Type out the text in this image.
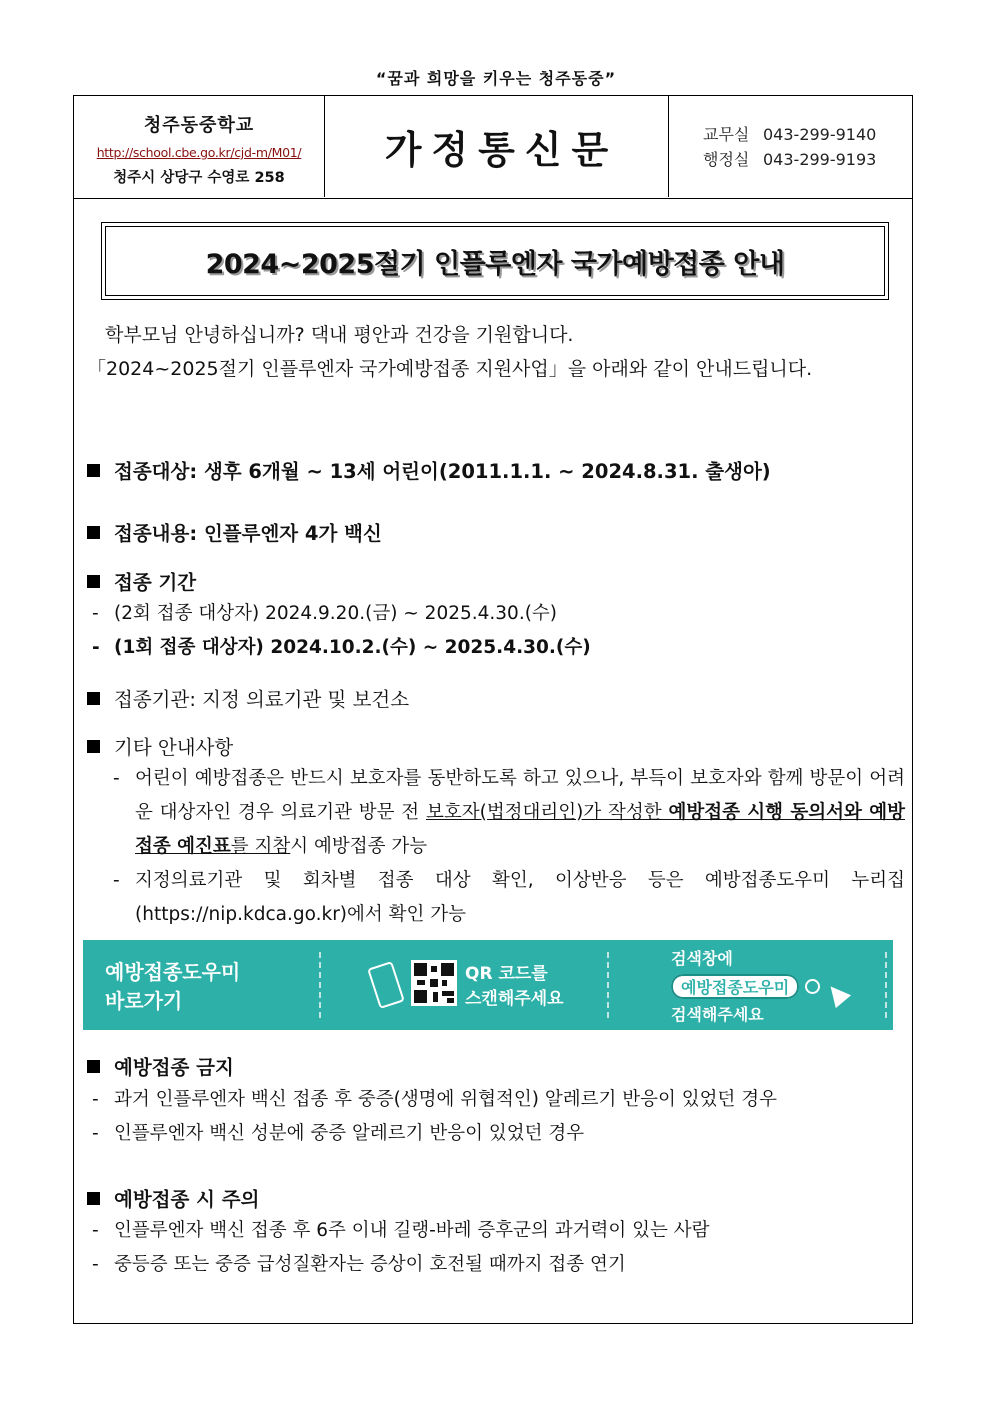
“꿈과 희망을 키우는 청주동중”
청주동중학교
http://school.cbe.go.kr/cjd-m/M01/
청주시 상당구 수영로 258
가정통신문	교무실 043-299-9140
행정실 043-299-9193
2024~2025절기 인플루엔자 국가예방접종 안내

학부모님 안녕하십니까? 댁내 평안과 건강을 기원합니다.

「2024~2025절기 인플루엔자 국가예방접종 지원사업」을 아래와 같이 안내드립니다.

접종대상: 생후 6개월 ~ 13세 어린이(2011.1.1. ~ 2024.8.31. 출생아)
접종내용: 인플루엔자 4가 백신
접종 기간
- (2회 접종 대상자) 2024.9.20.(금) ~ 2025.4.30.(수)
- (1회 접종 대상자) 2024.10.2.(수) ~ 2025.4.30.(수)
접종기관: 지정 의료기관 및 보건소
기타 안내사항
- 어린이 예방접종은 반드시 보호자를 동반하도록 하고 있으나, 부득이 보호자와 함께 방문이 어려운 대상자인 경우 의료기관 방문 전 보호자(법정대리인)가 작성한 예방접종 시행 동의서와 예방접종 예진표를 지참시 예방접종 가능
- 지정의료기관 및 회차별 접종 대상 확인, 이상반응 등은 예방접종도우미 누리집 (https://nip.kdca.go.kr)에서 확인 가능
예방접종도우미
바로가기
QR 코드를
스캔해주세요
검색창에
예방접종도우미
검색해주세요
예방접종 금지
- 과거 인플루엔자 백신 접종 후 중증(생명에 위협적인) 알레르기 반응이 있었던 경우
- 인플루엔자 백신 성분에 중증 알레르기 반응이 있었던 경우
예방접종 시 주의
- 인플루엔자 백신 접종 후 6주 이내 길랭-바레 증후군의 과거력이 있는 사람
- 중등증 또는 중증 급성질환자는 증상이 호전될 때까지 접종 연기
